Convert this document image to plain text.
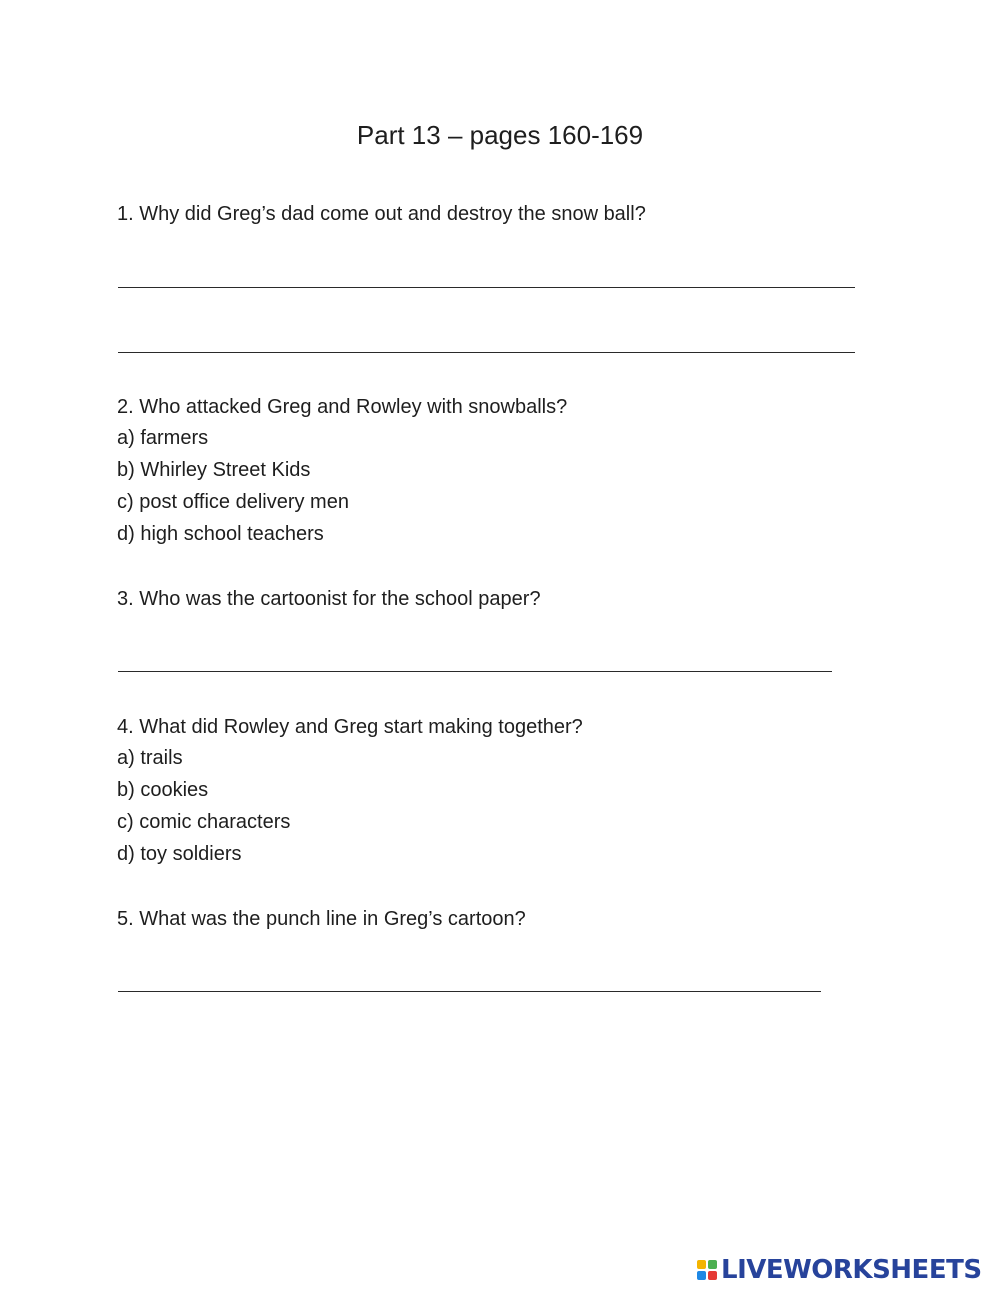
Part 13 – pages 160-169
1. Why did Greg’s dad come out and destroy the snow ball?
2. Who attacked Greg and Rowley with snowballs?
a) farmers
b) Whirley Street Kids
c) post office delivery men
d) high school teachers
3. Who was the cartoonist for the school paper?
4. What did Rowley and Greg start making together?
a) trails
b) cookies
c) comic characters
d) toy soldiers
5. What was the punch line in Greg’s cartoon?
LIVEWORKSHEETS
